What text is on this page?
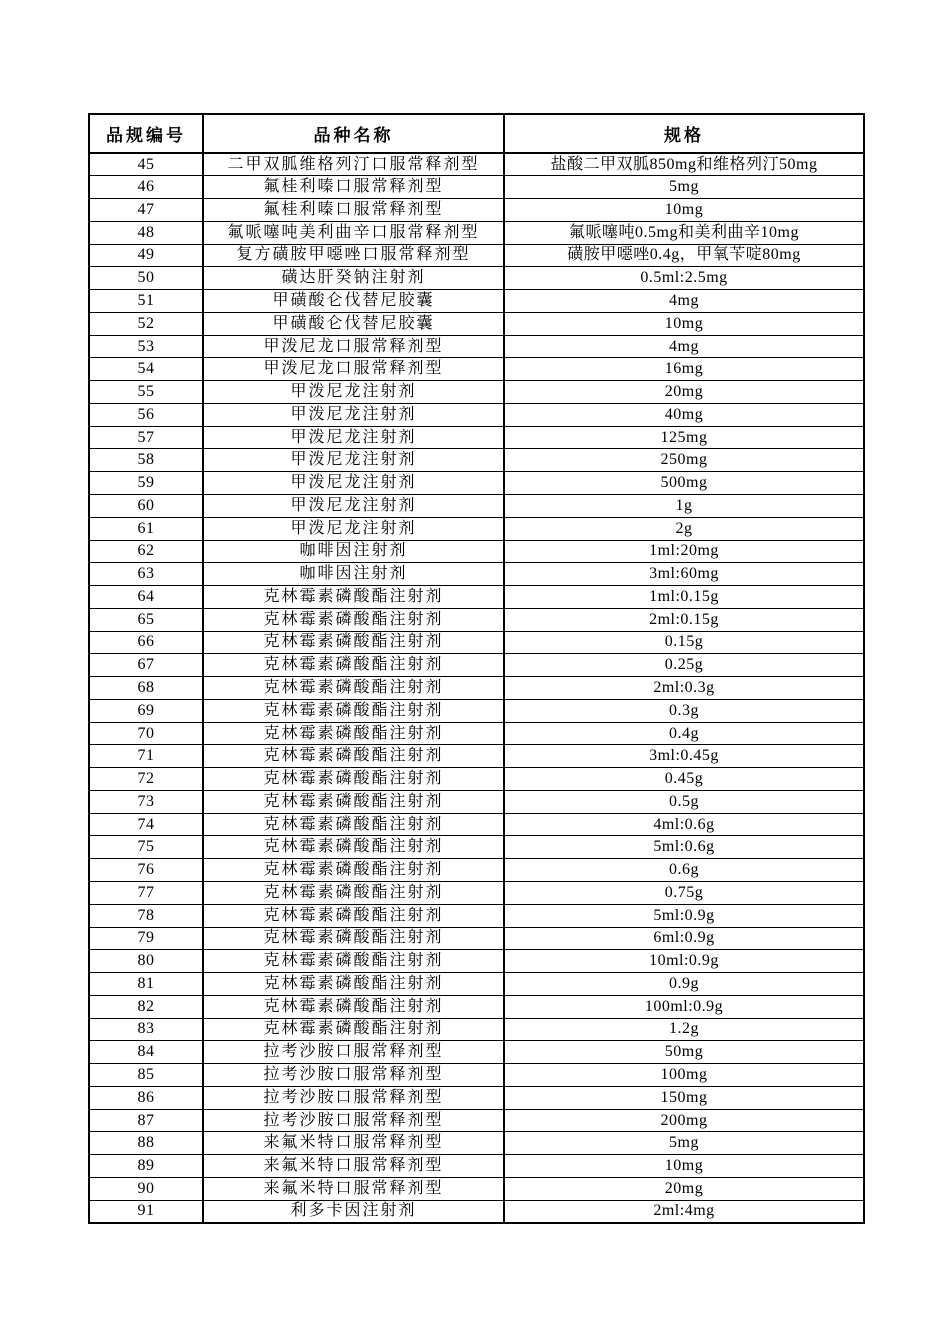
品规编号	品种名称	规格
45	二甲双胍维格列汀口服常释剂型	盐酸二甲双胍850mg和维格列汀50mg
46	氟桂利嗪口服常释剂型	5mg
47	氟桂利嗪口服常释剂型	10mg
48	氟哌噻吨美利曲辛口服常释剂型	氟哌噻吨0.5mg和美利曲辛10mg
49	复方磺胺甲噁唑口服常释剂型	磺胺甲噁唑0.4g，甲氧苄啶80mg
50	磺达肝癸钠注射剂	0.5ml:2.5mg
51	甲磺酸仑伐替尼胶囊	4mg
52	甲磺酸仑伐替尼胶囊	10mg
53	甲泼尼龙口服常释剂型	4mg
54	甲泼尼龙口服常释剂型	16mg
55	甲泼尼龙注射剂	20mg
56	甲泼尼龙注射剂	40mg
57	甲泼尼龙注射剂	125mg
58	甲泼尼龙注射剂	250mg
59	甲泼尼龙注射剂	500mg
60	甲泼尼龙注射剂	1g
61	甲泼尼龙注射剂	2g
62	咖啡因注射剂	1ml:20mg
63	咖啡因注射剂	3ml:60mg
64	克林霉素磷酸酯注射剂	1ml:0.15g
65	克林霉素磷酸酯注射剂	2ml:0.15g
66	克林霉素磷酸酯注射剂	0.15g
67	克林霉素磷酸酯注射剂	0.25g
68	克林霉素磷酸酯注射剂	2ml:0.3g
69	克林霉素磷酸酯注射剂	0.3g
70	克林霉素磷酸酯注射剂	0.4g
71	克林霉素磷酸酯注射剂	3ml:0.45g
72	克林霉素磷酸酯注射剂	0.45g
73	克林霉素磷酸酯注射剂	0.5g
74	克林霉素磷酸酯注射剂	4ml:0.6g
75	克林霉素磷酸酯注射剂	5ml:0.6g
76	克林霉素磷酸酯注射剂	0.6g
77	克林霉素磷酸酯注射剂	0.75g
78	克林霉素磷酸酯注射剂	5ml:0.9g
79	克林霉素磷酸酯注射剂	6ml:0.9g
80	克林霉素磷酸酯注射剂	10ml:0.9g
81	克林霉素磷酸酯注射剂	0.9g
82	克林霉素磷酸酯注射剂	100ml:0.9g
83	克林霉素磷酸酯注射剂	1.2g
84	拉考沙胺口服常释剂型	50mg
85	拉考沙胺口服常释剂型	100mg
86	拉考沙胺口服常释剂型	150mg
87	拉考沙胺口服常释剂型	200mg
88	来氟米特口服常释剂型	5mg
89	来氟米特口服常释剂型	10mg
90	来氟米特口服常释剂型	20mg
91	利多卡因注射剂	2ml:4mg
